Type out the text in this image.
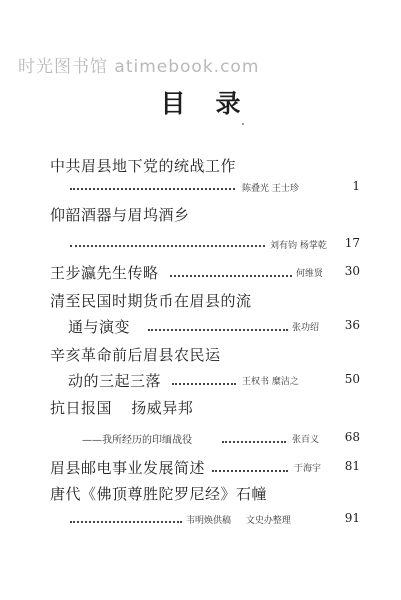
时光图书馆 atimebook.com
目录
中共眉县地下党的统战工作
陈叠光 王士珍	1
仰韶酒器与眉坞酒乡
刘有钧 杨掌乾	17
王步瀛先生传略	何维贤	30
清至民国时期货币在眉县的流
通与演变	张功绍	36
辛亥革命前后眉县农民运
动的三起三落	王权书 糜洁之	50
抗日报国 扬威异邦
——我所经历的印缅战役	张百义	68
眉县邮电事业发展简述	于海宇	81
唐代《佛顶尊胜陀罗尼经》石幢
韦明焕供稿 文史办整理	91
